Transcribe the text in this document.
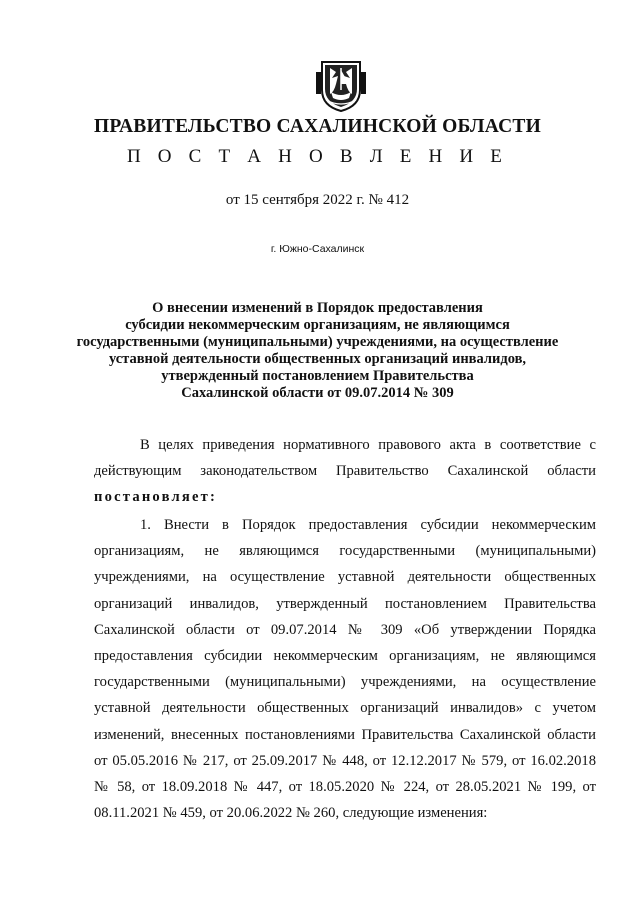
ПРАВИТЕЛЬСТВО САХАЛИНСКОЙ ОБЛАСТИ
П О С Т А Н О В Л Е Н И Е
от 15 сентября 2022 г. № 412
г. Южно-Сахалинск
О внесении изменений в Порядок предоставления
субсидии некоммерческим организациям, не являющимся
государственными (муниципальными) учреждениями, на осуществление
уставной деятельности общественных организаций инвалидов,
утвержденный постановлением Правительства
Сахалинской области от 09.07.2014 № 309
В целях приведения нормативного правового акта в соответствие с
действующим законодательством Правительство Сахалинской области
постановляет:
1. Внести в Порядок предоставления субсидии некоммерческим
организациям, не являющимся государственными (муниципальными)
учреждениями, на осуществление уставной деятельности общественных
организаций инвалидов, утвержденный постановлением Правительства
Сахалинской области от 09.07.2014 № 309 «Об утверждении Порядка
предоставления субсидии некоммерческим организациям, не являющимся
государственными (муниципальными) учреждениями, на осуществление
уставной деятельности общественных организаций инвалидов» с учетом
изменений, внесенных постановлениями Правительства Сахалинской области
от 05.05.2016 № 217, от 25.09.2017 № 448, от 12.12.2017 № 579, от 16.02.2018
№ 58, от 18.09.2018 № 447, от 18.05.2020 № 224, от 28.05.2021 № 199, от
08.11.2021 № 459, от 20.06.2022 № 260, следующие изменения:
